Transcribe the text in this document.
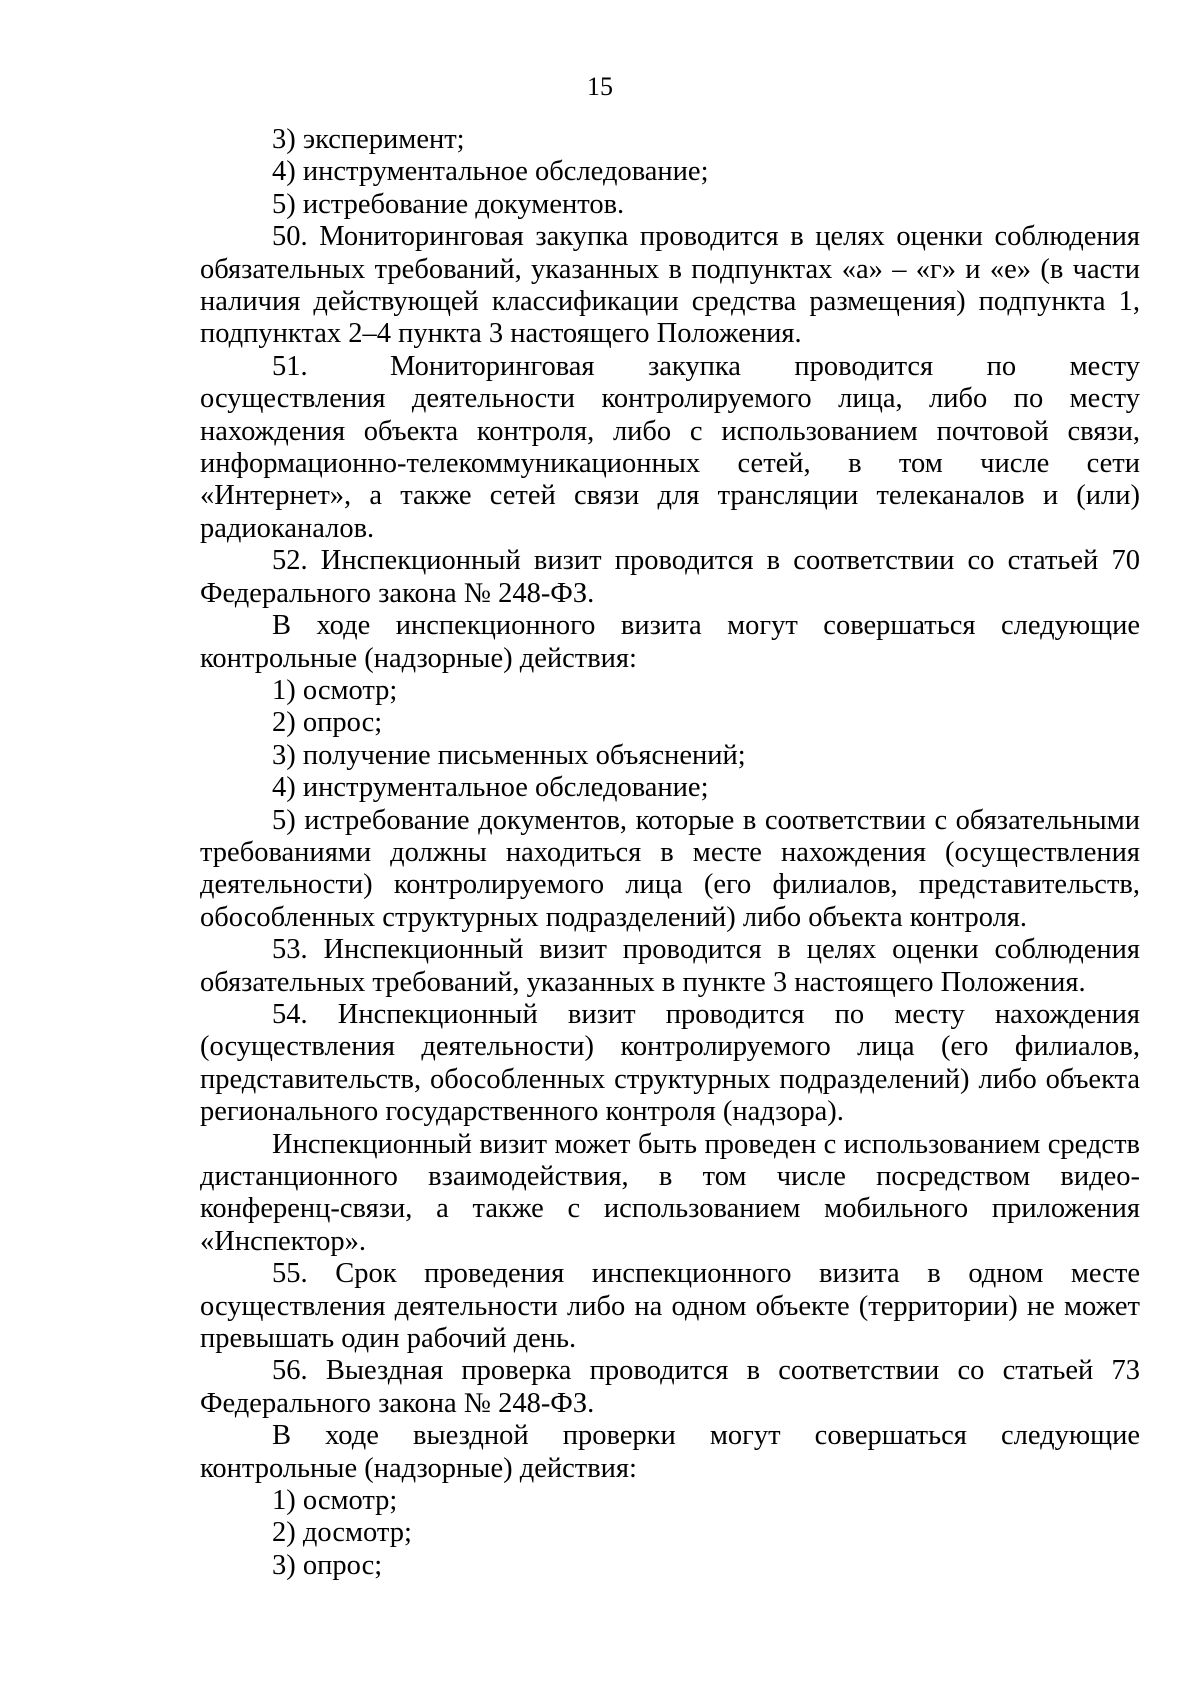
15

3) эксперимент;

4) инструментальное обследование;

5) истребование документов.

50. Мониторинговая закупка проводится в целях оценки соблюдения обязательных требований, указанных в подпунктах «а» – «г» и «е» (в части наличия действующей классификации средства размещения) подпункта 1, подпунктах 2–4 пункта 3 настоящего Положения.

51.	Мониторинговая закупка проводится по месту осуществления деятельности контролируемого лица, либо по месту нахождения объекта контроля, либо с использованием почтовой связи, информационно-телекоммуникационных сетей, в том числе сети «Интернет», а также сетей связи для трансляции телеканалов и (или) радиоканалов.

52. Инспекционный визит проводится в соответствии со статьей 70 Федерального закона № 248-ФЗ.

В ходе инспекционного визита могут совершаться следующие контрольные (надзорные) действия:

1) осмотр;

2) опрос;

3) получение письменных объяснений;

4) инструментальное обследование;

5) истребование документов, которые в соответствии с обязательными требованиями должны находиться в месте нахождения (осуществления деятельности) контролируемого лица (его филиалов, представительств, обособленных структурных подразделений) либо объекта контроля.

53. Инспекционный визит проводится в целях оценки соблюдения обязательных требований, указанных в пункте 3 настоящего Положения.

54. Инспекционный визит проводится по месту нахождения (осуществления деятельности) контролируемого лица (его филиалов, представительств, обособленных структурных подразделений) либо объекта регионального государственного контроля (надзора).

Инспекционный визит может быть проведен с использованием средств дистанционного взаимодействия, в том числе посредством видео-конференц-связи, а также с использованием мобильного приложения «Инспектор».

55. Срок проведения инспекционного визита в одном месте осуществления деятельности либо на одном объекте (территории) не может превышать один рабочий день.

56. Выездная проверка проводится в соответствии со статьей 73 Федерального закона № 248-ФЗ.

В ходе выездной проверки могут совершаться следующие контрольные (надзорные) действия:

1) осмотр;

2) досмотр;

3) опрос;
